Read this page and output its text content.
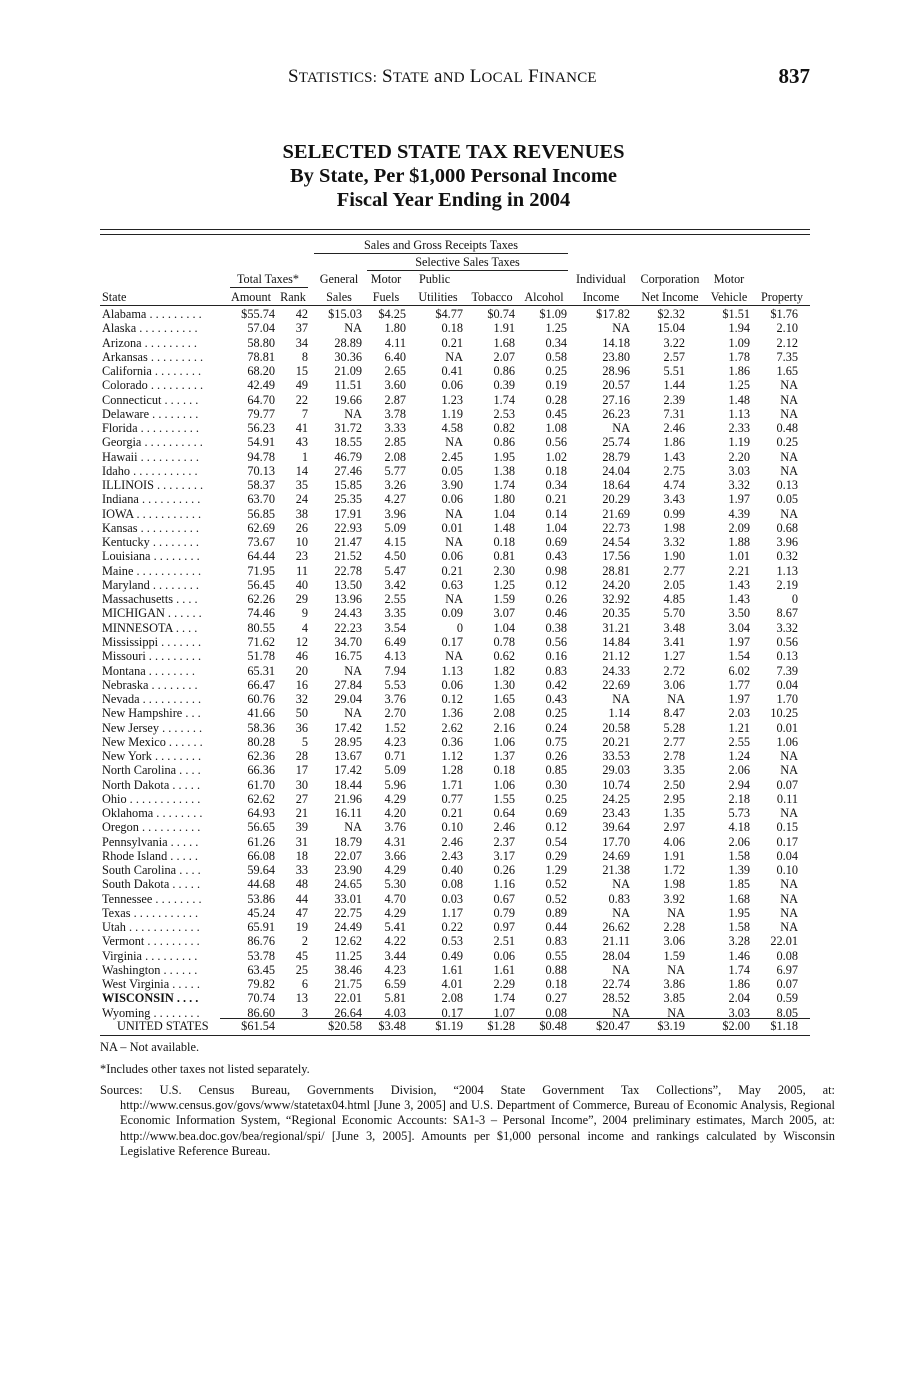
STATISTICS: STATE aND LOCAL FINANCE	837
SELECTED STATE TAX REVENUES
By State, Per $1,000 Personal Income
Fiscal Year Ending in 2004
Sales and Gross Receipts Taxes
Selective Sales Taxes
Total Taxes*	General	Motor	Public	Individual	Corporation	Motor
State	Amount Rank	Sales	Fuels	Utilities	Tobacco Alcohol	Income	Net Income Vehicle	Property
Alabama . . . . . . . . .	$55.74 42 $15.03 $4.25 $4.77 $0.74 $1.09 $17.82 $2.32	$1.51 $1.76
Alaska . . . . . . . . . .	57.04 37	NA 1.80	0.18 1.91 1.25	NA 15.04	1.94 2.10
Arizona . . . . . . . . .	58.80 34 28.89 4.11	0.21 1.68 0.34	14.18	3.22	1.09 2.12
Arkansas . . . . . . . . .	78.81 8 30.36 6.40	NA 2.07 0.58	23.80	2.57	1.78 7.35
California . . . . . . . .	68.20 15 21.09 2.65	0.41 0.86 0.25	28.96	5.51	1.86 1.65
Colorado . . . . . . . . .	42.49 49 11.51 3.60	0.06 0.39 0.19	20.57	1.44	1.25 NA
Connecticut . . . . . .	64.70 22 19.66 2.87	1.23 1.74 0.28	27.16	2.39	1.48 NA
Delaware . . . . . . . .	79.77 7	NA 3.78	1.19 2.53 0.45	26.23	7.31	1.13 NA
Florida . . . . . . . . . .	56.23 41 31.72 3.33	4.58 0.82 1.08	NA	2.46	2.33 0.48
Georgia . . . . . . . . . .	54.91 43 18.55 2.85	NA 0.86 0.56	25.74	1.86	1.19 0.25
Hawaii . . . . . . . . . .	94.78 1 46.79 2.08	2.45 1.95 1.02	28.79	1.43	2.20 NA
Idaho . . . . . . . . . . .	70.13 14 27.46 5.77	0.05 1.38 0.18	24.04	2.75	3.03 NA
ILLINOIS . . . . . . . .	58.37 35 15.85 3.26	3.90 1.74 0.34	18.64	4.74	3.32 0.13
Indiana . . . . . . . . . .	63.70 24 25.35 4.27	0.06 1.80 0.21	20.29	3.43	1.97 0.05
IOWA . . . . . . . . . . .	56.85 38 17.91 3.96	NA 1.04 0.14	21.69	0.99	4.39 NA
Kansas . . . . . . . . . .	62.69 26 22.93 5.09	0.01 1.48 1.04	22.73	1.98	2.09 0.68
Kentucky . . . . . . . .	73.67 10 21.47 4.15	NA 0.18 0.69	24.54	3.32	1.88 3.96
Louisiana . . . . . . . .	64.44 23 21.52 4.50	0.06 0.81 0.43	17.56	1.90	1.01 0.32
Maine . . . . . . . . . . .	71.95 11 22.78 5.47	0.21 2.30 0.98	28.81	2.77	2.21 1.13
Maryland . . . . . . . .	56.45 40 13.50 3.42	0.63 1.25 0.12	24.20	2.05	1.43 2.19
Massachusetts . . . .	62.26 29 13.96 2.55	NA 1.59 0.26	32.92	4.85	1.43	0
MICHIGAN . . . . . .	74.46 9 24.43 3.35	0.09 3.07 0.46	20.35	5.70	3.50 8.67
MINNESOTA . . . .	80.55 4 22.23 3.54	0 1.04 0.38	31.21	3.48	3.04 3.32
Mississippi . . . . . . .	71.62 12 34.70 6.49	0.17 0.78 0.56	14.84	3.41	1.97 0.56
Missouri . . . . . . . . .	51.78 46 16.75 4.13	NA 0.62 0.16	21.12	1.27	1.54 0.13
Montana . . . . . . . .	65.31 20	NA 7.94	1.13 1.82 0.83	24.33	2.72	6.02 7.39
Nebraska . . . . . . . .	66.47 16 27.84 5.53	0.06 1.30 0.42	22.69	3.06	1.77 0.04
Nevada . . . . . . . . . .	60.76 32 29.04 3.76	0.12 1.65 0.43	NA	NA	1.97 1.70
New Hampshire . . .	41.66 50	NA 2.70	1.36 2.08 0.25	1.14	8.47	2.03 10.25
New Jersey . . . . . . .	58.36 36 17.42 1.52	2.62 2.16 0.24	20.58	5.28	1.21 0.01
New Mexico . . . . . .	80.28 5 28.95 4.23	0.36 1.06 0.75	20.21	2.77	2.55 1.06
New York . . . . . . . .	62.36 28 13.67 0.71	1.12 1.37 0.26	33.53	2.78	1.24 NA
North Carolina . . . .	66.36 17 17.42 5.09	1.28 0.18 0.85	29.03	3.35	2.06 NA
North Dakota . . . . .	61.70 30 18.44 5.96	1.71 1.06 0.30	10.74	2.50	2.94 0.07
Ohio . . . . . . . . . . . .	62.62 27 21.96 4.29	0.77 1.55 0.25	24.25	2.95	2.18 0.11
Oklahoma . . . . . . . .	64.93 21 16.11 4.20	0.21 0.64 0.69	23.43	1.35	5.73 NA
Oregon . . . . . . . . . .	56.65 39	NA 3.76	0.10 2.46 0.12	39.64	2.97	4.18 0.15
Pennsylvania . . . . .	61.26 31 18.79 4.31	2.46 2.37 0.54	17.70	4.06	2.06 0.17
Rhode Island . . . . .	66.08 18 22.07 3.66	2.43 3.17 0.29	24.69	1.91	1.58 0.04
South Carolina . . . .	59.64 33 23.90 4.29	0.40 0.26 1.29	21.38	1.72	1.39 0.10
South Dakota . . . . .	44.68 48 24.65 5.30	0.08 1.16 0.52	NA	1.98	1.85 NA
Tennessee . . . . . . . .	53.86 44 33.01 4.70	0.03 0.67 0.52	0.83	3.92	1.68 NA
Texas . . . . . . . . . . .	45.24 47 22.75 4.29	1.17 0.79 0.89	NA	NA	1.95 NA
Utah . . . . . . . . . . . .	65.91 19 24.49 5.41	0.22 0.97 0.44	26.62	2.28	1.58 NA
Vermont . . . . . . . . .	86.76 2 12.62 4.22	0.53 2.51 0.83	21.11	3.06	3.28 22.01
Virginia . . . . . . . . .	53.78 45 11.25 3.44	0.49 0.06 0.55	28.04	1.59	1.46 0.08
Washington . . . . . .	63.45 25 38.46 4.23	1.61 1.61 0.88	NA	NA	1.74 6.97
West Virginia . . . . .	79.82 6 21.75 6.59	4.01 2.29 0.18	22.74	3.86	1.86 0.07
WISCONSIN . . . .	70.74 13 22.01 5.81	2.08 1.74 0.27	28.52	3.85	2.04 0.59
Wyoming . . . . . . . .	86.60 3 26.64 4.03	0.17 1.07 0.08	NA	NA	3.03 8.05
UNITED STATES	$61.54	$20.58 $3.48 $1.19 $1.28 $0.48 $20.47 $3.19	$2.00 $1.18
NA – Not available.
*Includes other taxes not listed separately.
Sources: U.S. Census Bureau, Governments Division, “2004 State Government Tax Collections”, May 2005, at: http://www.census.gov/govs/www/statetax04.html [June 3, 2005] and U.S. Department of Commerce, Bureau of Economic Analysis, Regional Economic Information System, “Regional Economic Accounts: SA1-3 – Personal Income”, 2004 preliminary estimates, March 2005, at: http://www.bea.doc.gov/bea/regional/spi/ [June 3, 2005]. Amounts per $1,000 personal income and rankings calculated by Wisconsin Legislative Reference Bureau.
